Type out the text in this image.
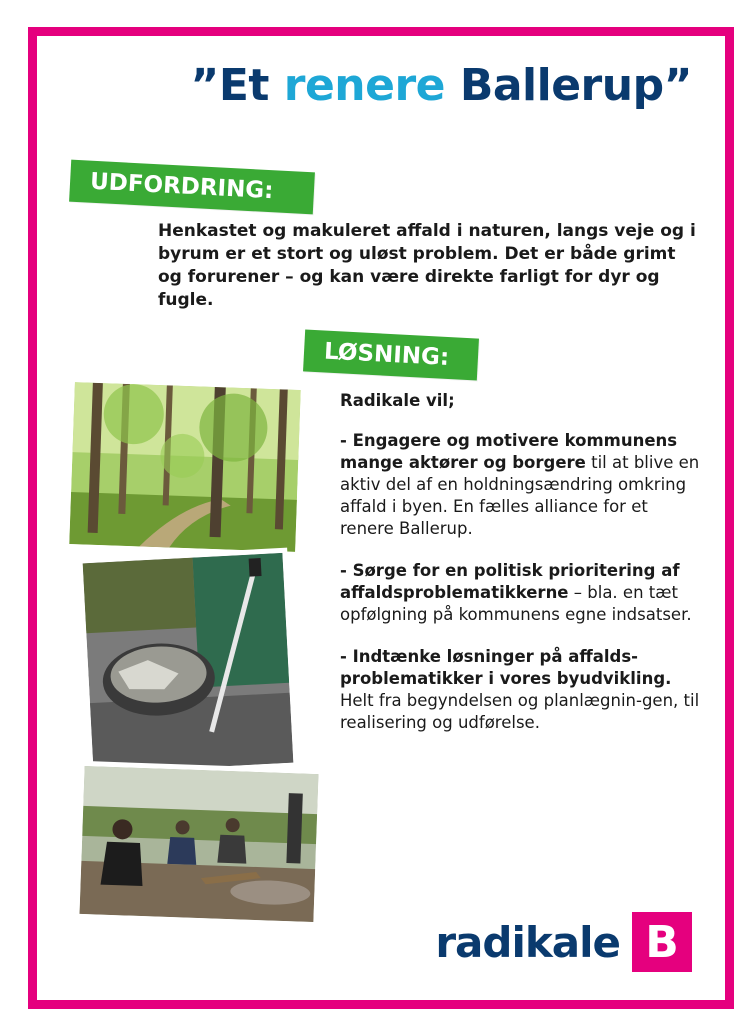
”Et renere Ballerup”
UDFORDRING:

Henkastet og makuleret affald i naturen, langs veje og i byrum er et stort og uløst problem. Det er både grimt og forurener – og kan være direkte farligt for dyr og fugle.

LØSNING:

Radikale vil;

- Engagere og motivere kommunens mange aktører og borgere til at blive en aktiv del af en holdningsændring omkring affald i byen. En fælles alliance for et renere Ballerup.

- Sørge for en politisk prioritering af affaldsproblematikkerne – bla. en tæt opfølgning på kommunens egne indsatser.

- Indtænke løsninger på affalds-problematikker i vores byudvikling. Helt fra begyndelsen og planlægnin-gen, til realisering og udførelse.

radikale B
